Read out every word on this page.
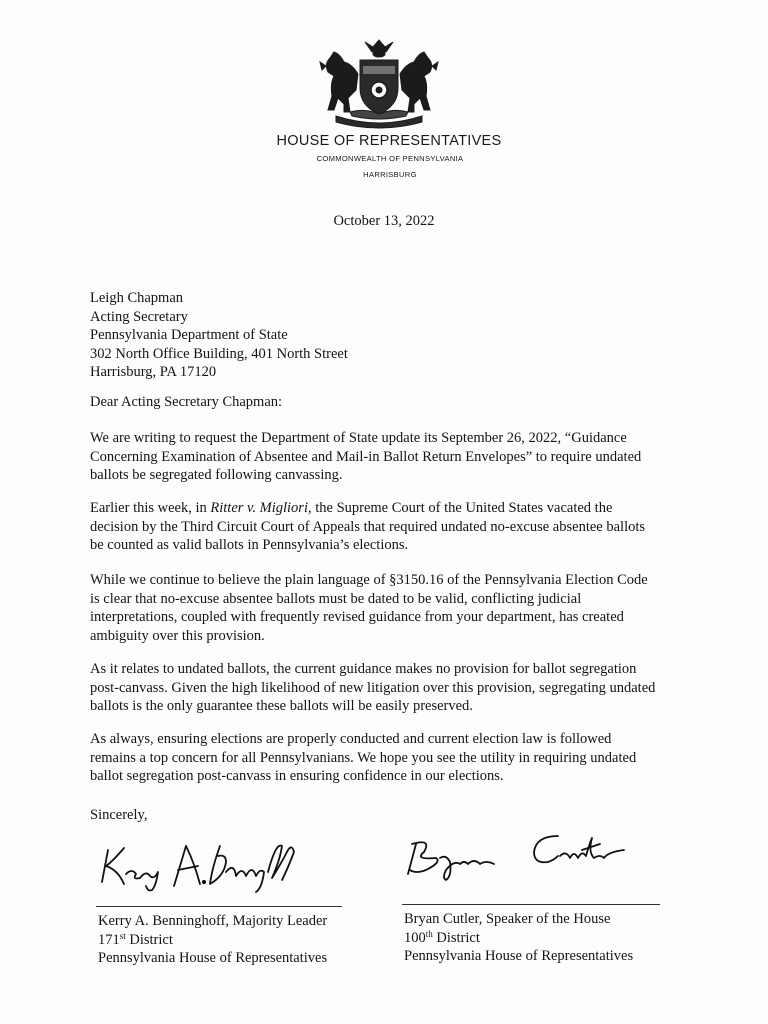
HOUSE OF REPRESENTATIVES
COMMONWEALTH OF PENNSYLVANIA
HARRISBURG
October 13, 2022
Leigh Chapman
Acting Secretary
Pennsylvania Department of State
302 North Office Building, 401 North Street
Harrisburg, PA 17120
Dear Acting Secretary Chapman:
We are writing to request the Department of State update its September 26, 2022, “Guidance
Concerning Examination of Absentee and Mail-in Ballot Return Envelopes” to require undated
ballots be segregated following canvassing.
Earlier this week, in Ritter v. Migliori, the Supreme Court of the United States vacated the
decision by the Third Circuit Court of Appeals that required undated no-excuse absentee ballots
be counted as valid ballots in Pennsylvania’s elections.
While we continue to believe the plain language of §3150.16 of the Pennsylvania Election Code
is clear that no-excuse absentee ballots must be dated to be valid, conflicting judicial
interpretations, coupled with frequently revised guidance from your department, has created
ambiguity over this provision.
As it relates to undated ballots, the current guidance makes no provision for ballot segregation
post-canvass. Given the high likelihood of new litigation over this provision, segregating undated
ballots is the only guarantee these ballots will be easily preserved.
As always, ensuring elections are properly conducted and current election law is followed
remains a top concern for all Pennsylvanians. We hope you see the utility in requiring undated
ballot segregation post-canvass in ensuring confidence in our elections.
Sincerely,
Kerry A. Benninghoff, Majority Leader
171st District
Pennsylvania House of Representatives
Bryan Cutler, Speaker of the House
100th District
Pennsylvania House of Representatives
